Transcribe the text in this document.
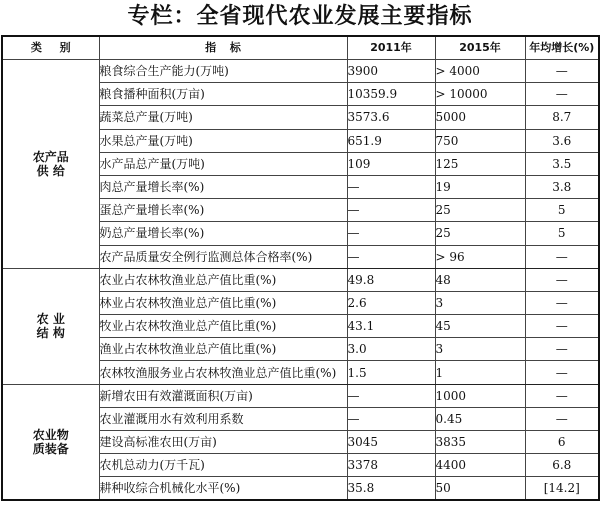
专栏：全省现代农业发展主要指标
类 别	指 标	2011年	2015年	年均增长(%)

农产品
供 给	粮食综合生产能力(万吨)	3900	> 4000	—
	粮食播种面积(万亩)	10359.9	> 10000	—
	蔬菜总产量(万吨)	3573.6	5000	8.7
	水果总产量(万吨)	651.9	750	3.6
	水产品总产量(万吨)	109	125	3.5
	肉总产量增长率(%)	—	19	3.8
	蛋总产量增长率(%)	—	25	5
	奶总产量增长率(%)	—	25	5
	农产品质量安全例行监测总体合格率(%)	—	> 96	—

农 业
结 构	农业占农林牧渔业总产值比重(%)	49.8	48	—
	林业占农林牧渔业总产值比重(%)	2.6	3	—
	牧业占农林牧渔业总产值比重(%)	43.1	45	—
	渔业占农林牧渔业总产值比重(%)	3.0	3	—
	农林牧渔服务业占农林牧渔业总产值比重(%)	1.5	1	—

农业物
质装备	新增农田有效灌溉面积(万亩)	—	1000	—
	农业灌溉用水有效利用系数	—	0.45	—
	建设高标准农田(万亩)	3045	3835	6
	农机总动力(万千瓦)	3378	4400	6.8
	耕种收综合机械化水平(%)	35.8	50	[14.2]
